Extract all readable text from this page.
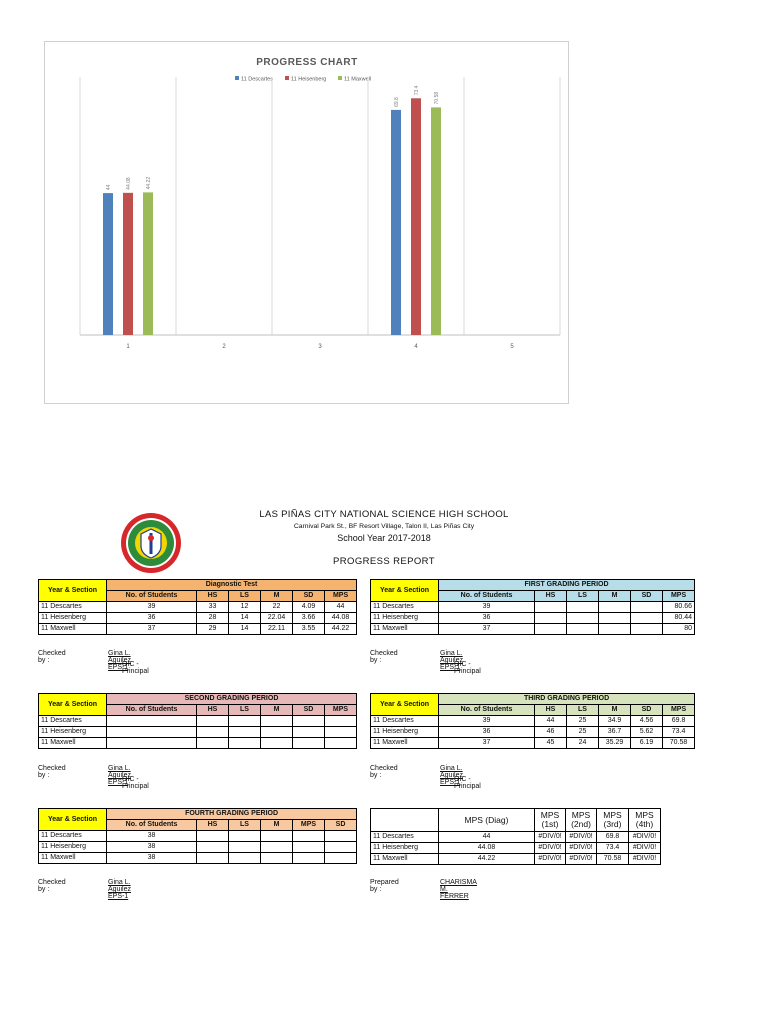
PROGRESS CHART
11 Descartes	11 Heisenberg	11 Maxwell
44
69.8
44.08
73.4
44.22
70.58
1	2	3	4	5
LAS PIÑAS CITY NATIONAL SCIENCE HIGH SCHOOL
Carnival Park St., BF Resort Village, Talon II, Las Piñas City
School Year 2017-2018
PROGRESS REPORT
Year & Section	Diagnostic Test					
	No. of Students	HS	LS	M	SD	MPS
11 Descartes	39	33	12	22	4.09	44
11 Heisenberg	36	28	14	22.04	3.66	44.08
11 Maxwell	37	29	14	22.11	3.55	44.22
Checked by :
Gina L. Aguilez EPS-1
OIC - Principal
Year & Section	FIRST GRADING PERIOD					
	No. of Students	HS	LS	M	SD	MPS
11 Descartes	39					80.66
11 Heisenberg	36					80.44
11 Maxwell	37					80
Checked by :
Gina L. Aguilez EPS-1
OIC - Principal
Year & Section	SECOND GRADING PERIOD					
	No. of Students	HS	LS	M	SD	MPS
11 Descartes						
11 Heisenberg						
11 Maxwell						
Checked by :
Gina L. Aguilez EPS-1
OIC - Principal
Year & Section	THIRD GRADING PERIOD					
	No. of Students	HS	LS	M	SD	MPS
11 Descartes	39	44	25	34.9	4.56	69.8
11 Heisenberg	36	46	25	36.7	5.62	73.4
11 Maxwell	37	45	24	35.29	6.19	70.58
Checked by :
Gina L. Aguilez EPS-1
OIC - Principal
Year & Section	FOURTH GRADING PERIOD					
	No. of Students	HS	LS	M	MPS	SD
11 Descartes	38					
11 Heisenberg	38					
11 Maxwell	38					
Checked by :
Gina L. Aguilez EPS-1
	MPS (Diag)	MPS (1st)	MPS (2nd)	MPS (3rd)	MPS (4th)
11 Descartes	44	#DIV/0!	#DIV/0!	69.8	#DIV/0!
11 Heisenberg	44.08	#DIV/0!	#DIV/0!	73.4	#DIV/0!
11 Maxwell	44.22	#DIV/0!	#DIV/0!	70.58	#DIV/0!
Prepared by :
CHARISMA M. FERRER
